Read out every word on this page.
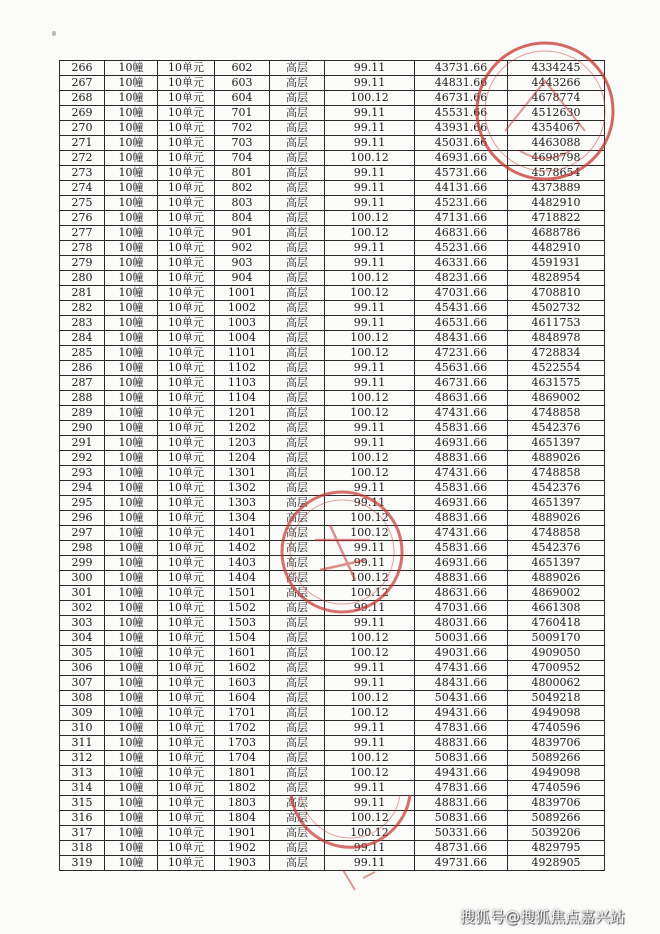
266	10幢	10单元	602	高层	99.11	43731.66	4334245
267	10幢	10单元	603	高层	99.11	44831.66	4443266
268	10幢	10单元	604	高层	100.12	46731.66	4678774
269	10幢	10单元	701	高层	99.11	45531.66	4512630
270	10幢	10单元	702	高层	99.11	43931.66	4354067
271	10幢	10单元	703	高层	99.11	45031.66	4463088
272	10幢	10单元	704	高层	100.12	46931.66	4698798
273	10幢	10单元	801	高层	99.11	45731.66	4578654
274	10幢	10单元	802	高层	99.11	44131.66	4373889
275	10幢	10单元	803	高层	99.11	45231.66	4482910
276	10幢	10单元	804	高层	100.12	47131.66	4718822
277	10幢	10单元	901	高层	100.12	46831.66	4688786
278	10幢	10单元	902	高层	99.11	45231.66	4482910
279	10幢	10单元	903	高层	99.11	46331.66	4591931
280	10幢	10单元	904	高层	100.12	48231.66	4828954
281	10幢	10单元	1001	高层	100.12	47031.66	4708810
282	10幢	10单元	1002	高层	99.11	45431.66	4502732
283	10幢	10单元	1003	高层	99.11	46531.66	4611753
284	10幢	10单元	1004	高层	100.12	48431.66	4848978
285	10幢	10单元	1101	高层	100.12	47231.66	4728834
286	10幢	10单元	1102	高层	99.11	45631.66	4522554
287	10幢	10单元	1103	高层	99.11	46731.66	4631575
288	10幢	10单元	1104	高层	100.12	48631.66	4869002
289	10幢	10单元	1201	高层	100.12	47431.66	4748858
290	10幢	10单元	1202	高层	99.11	45831.66	4542376
291	10幢	10单元	1203	高层	99.11	46931.66	4651397
292	10幢	10单元	1204	高层	100.12	48831.66	4889026
293	10幢	10单元	1301	高层	100.12	47431.66	4748858
294	10幢	10单元	1302	高层	99.11	45831.66	4542376
295	10幢	10单元	1303	高层	99.11	46931.66	4651397
296	10幢	10单元	1304	高层	100.12	48831.66	4889026
297	10幢	10单元	1401	高层	100.12	47431.66	4748858
298	10幢	10单元	1402	高层	99.11	45831.66	4542376
299	10幢	10单元	1403	高层	99.11	46931.66	4651397
300	10幢	10单元	1404	高层	100.12	48831.66	4889026
301	10幢	10单元	1501	高层	100.12	48631.66	4869002
302	10幢	10单元	1502	高层	99.11	47031.66	4661308
303	10幢	10单元	1503	高层	99.11	48031.66	4760418
304	10幢	10单元	1504	高层	100.12	50031.66	5009170
305	10幢	10单元	1601	高层	100.12	49031.66	4909050
306	10幢	10单元	1602	高层	99.11	47431.66	4700952
307	10幢	10单元	1603	高层	99.11	48431.66	4800062
308	10幢	10单元	1604	高层	100.12	50431.66	5049218
309	10幢	10单元	1701	高层	100.12	49431.66	4949098
310	10幢	10单元	1702	高层	99.11	47831.66	4740596
311	10幢	10单元	1703	高层	99.11	48831.66	4839706
312	10幢	10单元	1704	高层	100.12	50831.66	5089266
313	10幢	10单元	1801	高层	100.12	49431.66	4949098
314	10幢	10单元	1802	高层	99.11	47831.66	4740596
315	10幢	10单元	1803	高层	99.11	48831.66	4839706
316	10幢	10单元	1804	高层	100.12	50831.66	5089266
317	10幢	10单元	1901	高层	100.12	50331.66	5039206
318	10幢	10单元	1902	高层	99.11	48731.66	4829795
319	10幢	10单元	1903	高层	99.11	49731.66	4928905
搜狐号@搜狐焦点嘉兴站
